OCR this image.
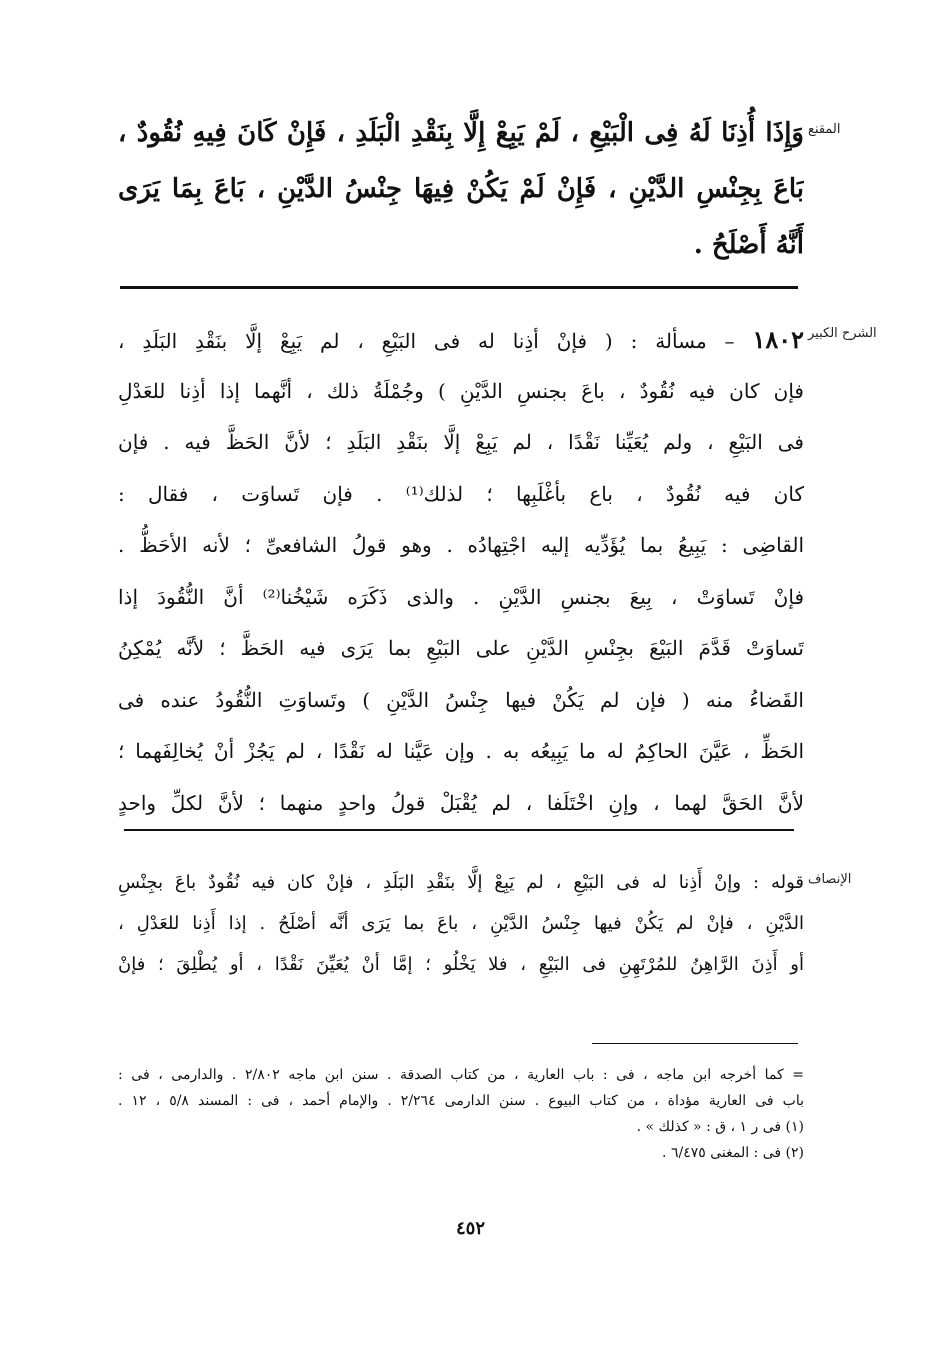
المقنع
وَإِذَا أُذِنَا لَهُ فِى الْبَيْعِ ، لَمْ يَبِعْ إِلَّا بِنَقْدِ الْبَلَدِ ، فَإِنْ كَانَ فِيهِ نُقُودٌ ،
بَاعَ بِجِنْسِ الدَّيْنِ ، فَإِنْ لَمْ يَكُنْ فِيهَا جِنْسُ الدَّيْنِ ، بَاعَ بِمَا يَرَى
أَنَّهُ أَصْلَحُ .
الشرح الكبير
١٨٠٢ – مسألة : ( فإنْ أذِنا له فى البَيْعِ ، لم يَبِعْ إلَّا بنَقْدِ البَلَدِ ،
فإن كان فيه نُقُودٌ ، باعَ بجنسِ الدَّيْنِ ) وجُمْلَةُ ذلك ، أنَّهما إذا أذِنا للعَدْلِ
فى البَيْعِ ، ولم يُعَيِّنا نَقْدًا ، لم يَبِعْ إلَّا بنَقْدِ البَلَدِ ؛ لأنَّ الحَظَّ فيه . فإن
كان فيه نُقُودٌ ، باع بأغْلَبِها ؛ لذلك⁽¹⁾ . فإن تَساوَت ، فقال :
القاضِى : يَبِيعُ بما يُؤَدِّيه إليه اجْتِهادُه . وهو قولُ الشافعىِّ ؛ لأنه الأحَظُّ .
فإنْ تَساوَتْ ، بِيعَ بجنسِ الدَّيْنِ . والذى ذَكَرَه شَيْخُنا⁽²⁾ أنَّ النُّقُودَ إذا
تَساوَتْ قَدَّمَ البَيْعَ بجِنْسِ الدَّيْنِ على البَيْعِ بما يَرَى فيه الحَظَّ ؛ لأنَّه يُمْكِنُ
القَضاءُ منه ( فإن لم يَكُنْ فيها جِنْسُ الدَّيْنِ ) وتَساوَتِ النُّقُودُ عنده فى
الحَظِّ ، عَيَّنَ الحاكِمُ له ما يَبِيعُه به . وإن عَيَّنا له نَقْدًا ، لم يَجُزْ أنْ يُخالِفَهما ؛
لأنَّ الحَقَّ لهما ، وإنِ اخْتَلَفا ، لم يُقْبَلْ قولُ واحدٍ منهما ؛ لأنَّ لكلِّ واحدٍ
الإنصاف
قوله : وإنْ أَذِنا له فى البَيْعِ ، لم يَبِعْ إلَّا بنَقْدِ البَلَدِ ، فإنْ كان فيه نُقُودٌ باعَ بجِنْسِ
الدَّيْنِ ، فإنْ لم يَكُنْ فيها جِنْسُ الدَّيْنِ ، باعَ بما يَرَى أنَّه أصْلَحُ . إذا أَذِنا للعَدْلِ ،
أو أَذِنَ الرَّاهِنُ للمُرْتَهِنِ فى البَيْعِ ، فلا يَخْلُو ؛ إمَّا أنْ يُعَيِّنَ نَقْدًا ، أو يُطْلِقَ ؛ فإنْ
= كما أخرجه ابن ماجه ، فى : باب العارية ، من كتاب الصدقة . سنن ابن ماجه ٢/٨٠٢ . والدارمى ، فى :
باب فى العارية مؤداة ، من كتاب البيوع . سنن الدارمى ٢/٢٦٤ . والإمام أحمد ، فى : المسند ٥/٨ ، ١٢ .
(١) فى ر ١ ، ق : « كذلك » .
(٢) فى : المغنى ٦/٤٧٥ .
٤٥٢
